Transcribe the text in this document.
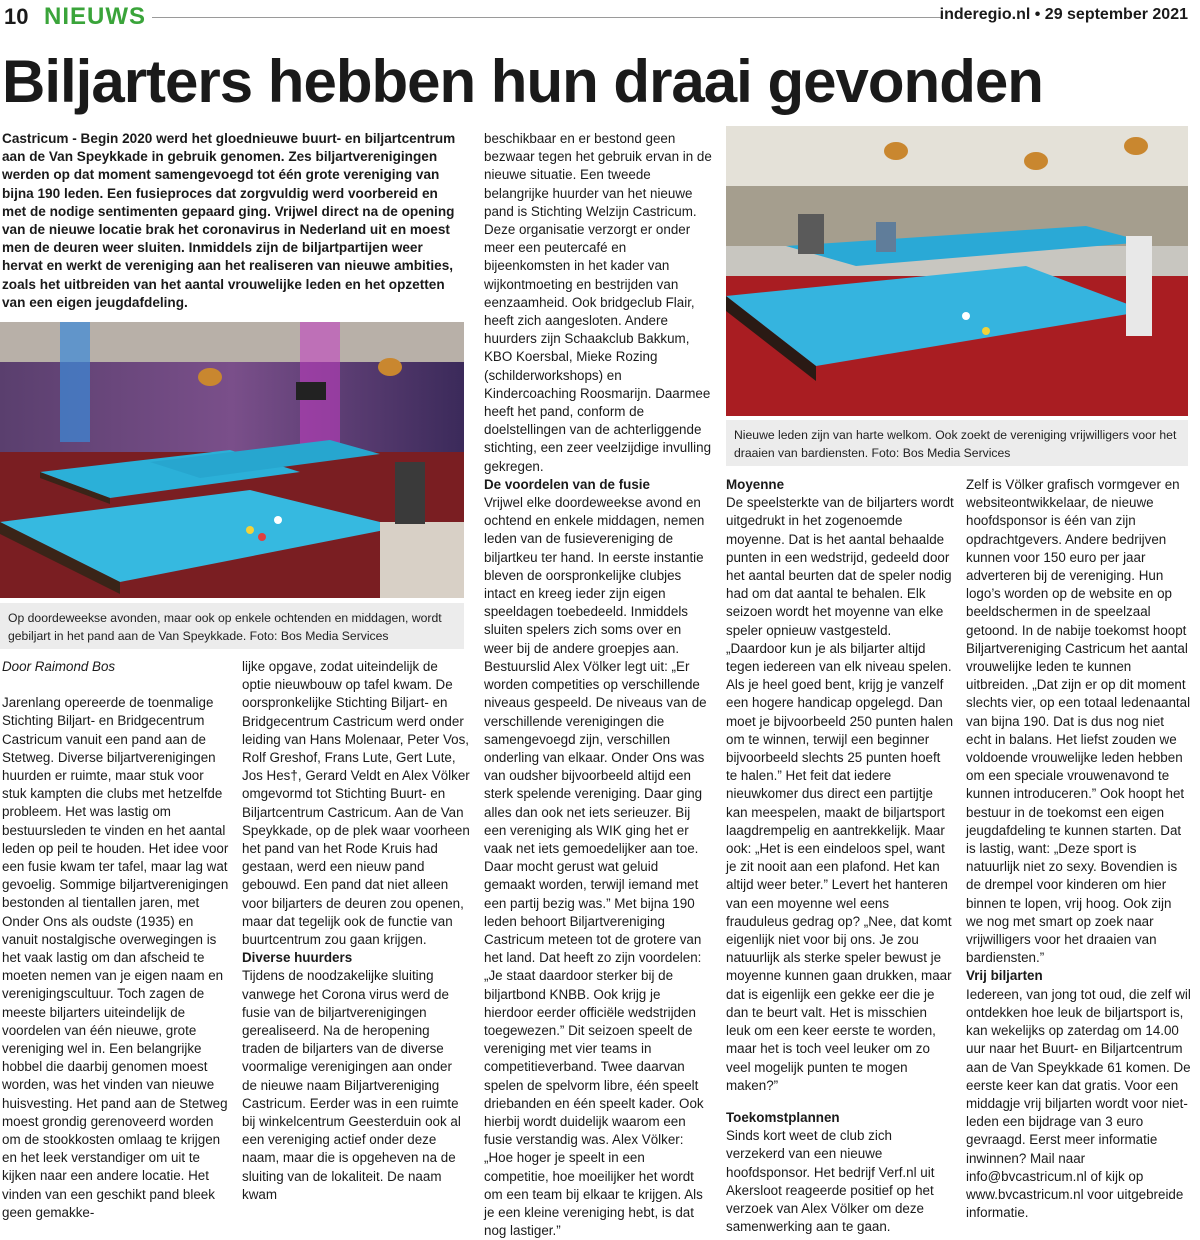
10 NIEUWS	inderegio.nl • 29 september 2021
Biljarters hebben hun draai gevonden

Castricum - Begin 2020 werd het gloednieuwe buurt- en biljartcentrum aan de Van Speykkade in gebruik genomen. Zes biljartverenigingen werden op dat moment samengevoegd tot één grote vereniging van bijna 190 leden. Een fusieproces dat zorgvuldig werd voorbereid en met de nodige sentimenten gepaard ging. Vrijwel direct na de opening van de nieuwe locatie brak het coronavirus in Nederland uit en moest men de deuren weer sluiten. Inmiddels zijn de biljartpartijen weer hervat en werkt de vereniging aan het realiseren van nieuwe ambities, zoals het uitbreiden van het aantal vrouwelijke leden en het opzetten van een eigen jeugdafdeling.

Op doordeweekse avonden, maar ook op enkele ochtenden en middagen, wordt gebiljart in het pand aan de Van Speykkade. Foto: Bos Media Services
Nieuwe leden zijn van harte welkom. Ook zoekt de vereniging vrijwilligers voor het draaien van bardiensten. Foto: Bos Media Services

Door Raimond Bos

Jarenlang opereerde de toenmalige Stichting Biljart- en Bridgecentrum Castricum vanuit een pand aan de Stetweg. Diverse biljartverenigingen huurden er ruimte, maar stuk voor stuk kampten die clubs met hetzelfde probleem. Het was lastig om bestuursleden te vinden en het aantal leden op peil te houden. Het idee voor een fusie kwam ter tafel, maar lag wat gevoelig. Sommige biljartverenigingen bestonden al tientallen jaren, met Onder Ons als oudste (1935) en vanuit nostalgische overwegingen is het vaak lastig om dan afscheid te moeten nemen van je eigen naam en verenigingscultuur. Toch zagen de meeste biljarters uiteindelijk de voordelen van één nieuwe, grote vereniging wel in. Een belangrijke hobbel die daarbij genomen moest worden, was het vinden van nieuwe huisvesting. Het pand aan de Stetweg moest grondig gerenoveerd worden om de stookkosten omlaag te krijgen en het leek verstandiger om uit te kijken naar een andere locatie. Het vinden van een geschikt pand bleek geen gemakke-

lijke opgave, zodat uiteindelijk de optie nieuwbouw op tafel kwam. De oorspronkelijke Stichting Biljart- en Bridgecentrum Castricum werd onder leiding van Hans Molenaar, Peter Vos, Rolf Greshof, Frans Lute, Gert Lute, Jos Hes†, Gerard Veldt en Alex Völker omgevormd tot Stichting Buurt- en Biljartcentrum Castricum. Aan de Van Speykkade, op de plek waar voorheen het pand van het Rode Kruis had gestaan, werd een nieuw pand gebouwd. Een pand dat niet alleen voor biljarters de deuren zou openen, maar dat tegelijk ook de functie van buurtcentrum zou gaan krijgen.

Diverse huurders

Tijdens de noodzakelijke sluiting vanwege het Corona virus werd de fusie van de biljartverenigingen gerealiseerd. Na de heropening traden de biljarters van de diverse voormalige verenigingen aan onder de nieuwe naam Biljartvereniging Castricum. Eerder was in een ruimte bij winkelcentrum Geesterduin ook al een vereniging actief onder deze naam, maar die is opgeheven na de sluiting van de lokaliteit. De naam kwam

beschikbaar en er bestond geen bezwaar tegen het gebruik ervan in de nieuwe situatie. Een tweede belangrijke huurder van het nieuwe pand is Stichting Welzijn Castricum. Deze organisatie verzorgt er onder meer een peutercafé en bijeenkomsten in het kader van wijkontmoeting en bestrijden van eenzaamheid. Ook bridgeclub Flair, heeft zich aangesloten. Andere huurders zijn Schaakclub Bakkum, KBO Koersbal, Mieke Rozing (schilderworkshops) en Kindercoaching Roosmarijn. Daarmee heeft het pand, conform de doelstellingen van de achterliggende stichting, een zeer veelzijdige invulling gekregen.

De voordelen van de fusie

Vrijwel elke doordeweekse avond en ochtend en enkele middagen, nemen leden van de fusievereniging de biljartkeu ter hand. In eerste instantie bleven de oorspronkelijke clubjes intact en kreeg ieder zijn eigen speeldagen toebedeeld. Inmiddels sluiten spelers zich soms over en weer bij de andere groepjes aan. Bestuurslid Alex Völker legt uit: „Er worden competities op verschillende niveaus gespeeld. De niveaus van de verschillende verenigingen die samengevoegd zijn, verschillen onderling van elkaar. Onder Ons was van oudsher bijvoorbeeld altijd een sterk spelende vereniging. Daar ging alles dan ook net iets serieuzer. Bij een vereniging als WIK ging het er vaak net iets gemoedelijker aan toe. Daar mocht gerust wat geluid gemaakt worden, terwijl iemand met een partij bezig was.” Met bijna 190 leden behoort Biljartvereniging Castricum meteen tot de grotere van het land. Dat heeft zo zijn voordelen: „Je staat daardoor sterker bij de biljartbond KNBB. Ook krijg je hierdoor eerder officiële wedstrijden toegewezen.” Dit seizoen speelt de vereniging met vier teams in competitieverband. Twee daarvan spelen de spelvorm libre, één speelt driebanden en één speelt kader. Ook hierbij wordt duidelijk waarom een fusie verstandig was. Alex Völker: „Hoe hoger je speelt in een competitie, hoe moeilijker het wordt om een team bij elkaar te krijgen. Als je een kleine vereniging hebt, is dat nog lastiger.”

Moyenne

De speelsterkte van de biljarters wordt uitgedrukt in het zogenoemde moyenne. Dat is het aantal behaalde punten in een wedstrijd, gedeeld door het aantal beurten dat de speler nodig had om dat aantal te behalen. Elk seizoen wordt het moyenne van elke speler opnieuw vastgesteld. „Daardoor kun je als biljarter altijd tegen iedereen van elk niveau spelen. Als je heel goed bent, krijg je vanzelf een hogere handicap opgelegd. Dan moet je bijvoorbeeld 250 punten halen om te winnen, terwijl een beginner bijvoorbeeld slechts 25 punten hoeft te halen.” Het feit dat iedere nieuwkomer dus direct een partijtje kan meespelen, maakt de biljartsport laagdrempelig en aantrekkelijk. Maar ook: „Het is een eindeloos spel, want je zit nooit aan een plafond. Het kan altijd weer beter.” Levert het hanteren van een moyenne wel eens frauduleus gedrag op? „Nee, dat komt eigenlijk niet voor bij ons. Je zou natuurlijk als sterke speler bewust je moyenne kunnen gaan drukken, maar dat is eigenlijk een gekke eer die je dan te beurt valt. Het is misschien leuk om een keer eerste te worden, maar het is toch veel leuker om zo veel mogelijk punten te mogen maken?”

Toekomstplannen

Sinds kort weet de club zich verzekerd van een nieuwe hoofdsponsor. Het bedrijf Verf.nl uit Akersloot reageerde positief op het verzoek van Alex Völker om deze samenwerking aan te gaan.

Zelf is Völker grafisch vormgever en websiteontwikkelaar, de nieuwe hoofdsponsor is één van zijn opdrachtgevers. Andere bedrijven kunnen voor 150 euro per jaar adverteren bij de vereniging. Hun logo’s worden op de website en op beeldschermen in de speelzaal getoond. In de nabije toekomst hoopt Biljartvereniging Castricum het aantal vrouwelijke leden te kunnen uitbreiden. „Dat zijn er op dit moment slechts vier, op een totaal ledenaantal van bijna 190. Dat is dus nog niet echt in balans. Het liefst zouden we voldoende vrouwelijke leden hebben om een speciale vrouwenavond te kunnen introduceren.” Ook hoopt het bestuur in de toekomst een eigen jeugdafdeling te kunnen starten. Dat is lastig, want: „Deze sport is natuurlijk niet zo sexy. Bovendien is de drempel voor kinderen om hier binnen te lopen, vrij hoog. Ook zijn we nog met smart op zoek naar vrijwilligers voor het draaien van bardiensten.”

Vrij biljarten

Iedereen, van jong tot oud, die zelf wil ontdekken hoe leuk de biljartsport is, kan wekelijks op zaterdag om 14.00 uur naar het Buurt- en Biljartcentrum aan de Van Speykkade 61 komen. De eerste keer kan dat gratis. Voor een middagje vrij biljarten wordt voor niet-leden een bijdrage van 3 euro gevraagd. Eerst meer informatie inwinnen? Mail naar info@bvcastricum.nl of kijk op www.bvcastricum.nl voor uitgebreide informatie.
